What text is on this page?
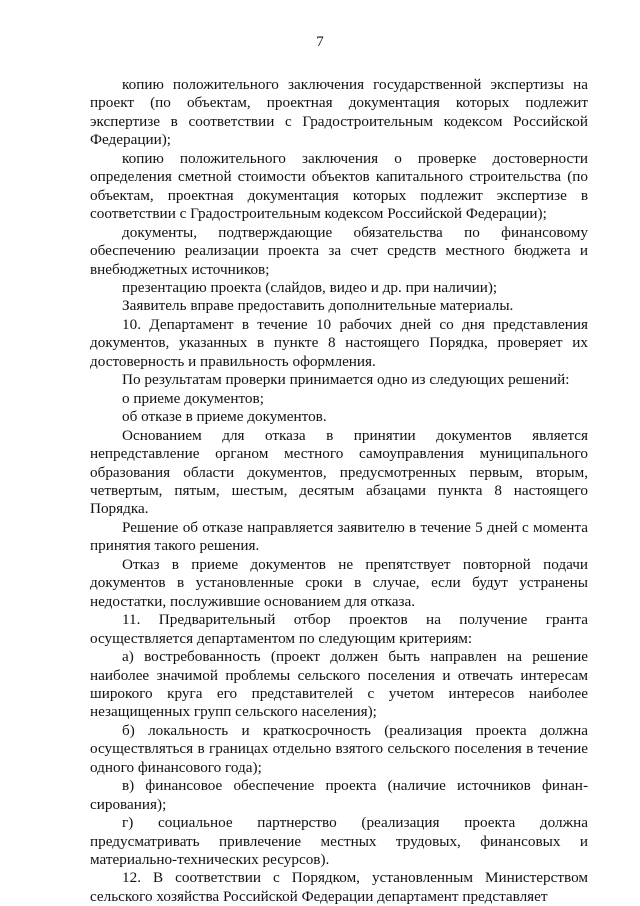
7

копию положительного заключения государственной экспертизы на проект (по объектам, проектная документация которых подлежит экспертизе в соответствии с Градостроительным кодексом Российской Федерации);

копию положительного заключения о проверке достоверности определения сметной стоимости объектов капитального строительства (по объектам, проектная документация которых подлежит экспертизе в соответствии с Градостроительным кодексом Российской Федерации);

документы, подтверждающие обязательства по финансовому обеспечению реализации проекта за счет средств местного бюджета и внебюджетных источников;

презентацию проекта (слайдов, видео и др. при наличии);

Заявитель вправе предоставить дополнительные материалы.

10. Департамент в течение 10 рабочих дней со дня представления документов, указанных в пункте 8 настоящего Порядка, проверяет их достоверность и правильность оформления.

По результатам проверки принимается одно из следующих решений:

о приеме документов;

об отказе в приеме документов.

Основанием для отказа в принятии документов является непредставление органом местного самоуправления муниципального образования области документов, предусмотренных первым, вторым, четвертым, пятым, шестым, десятым абзацами пункта 8 настоящего Порядка.

Решение об отказе направляется заявителю в течение 5 дней с момента принятия такого решения.

Отказ в приеме документов не препятствует повторной подачи документов в установленные сроки в случае, если будут устранены недостатки, послужившие основанием для отказа.

11. Предварительный отбор проектов на получение гранта осуществляется департаментом по следующим критериям:

а) востребованность (проект должен быть направлен на решение наиболее значимой проблемы сельского поселения и отвечать интересам широкого круга его представителей с учетом интересов наиболее незащищенных групп сельского населения);

б) локальность и краткосрочность (реализация проекта должна осуществляться в границах отдельно взятого сельского поселения в течение одного финансового года);

в) финансовое обеспечение проекта (наличие источников финан-сирования);

г) социальное партнерство (реализация проекта должна предусматривать привлечение местных трудовых, финансовых и материально-технических ресурсов).

12. В соответствии с Порядком, установленным Министерством сельского хозяйства Российской Федерации департамент представляет
